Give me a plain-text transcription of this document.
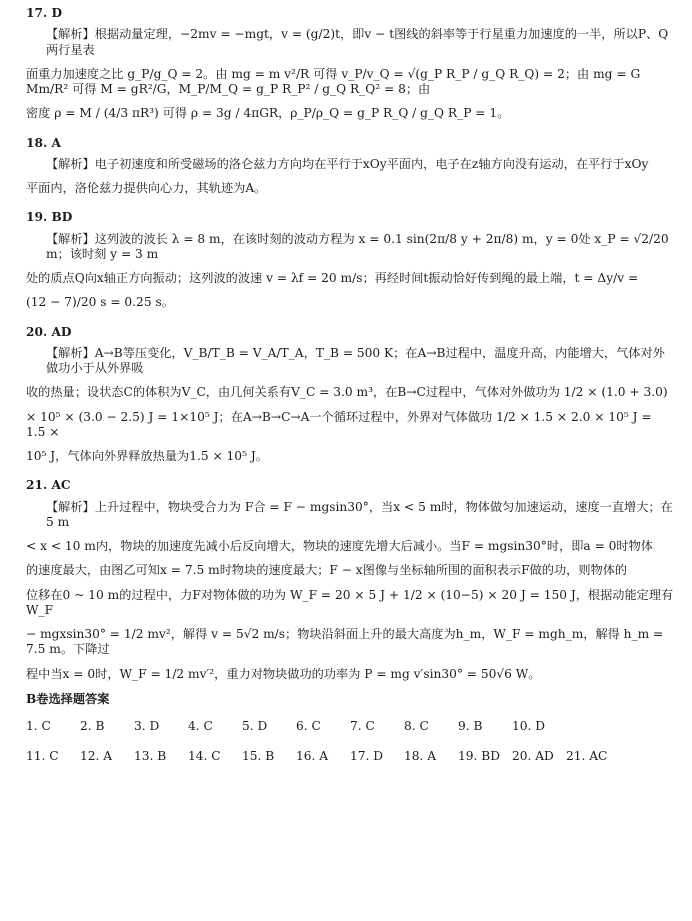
17. D

【解析】根据动量定理，−2mv = −mgt，v = (g/2)t，即v − t图线的斜率等于行星重力加速度的一半，所以P、Q两行星表

面重力加速度之比 g_P/g_Q = 2。由 mg = m v²/R 可得 v_P/v_Q = √(g_P R_P / g_Q R_Q) = 2；由 mg = G Mm/R² 可得 M = gR²/G，M_P/M_Q = g_P R_P² / g_Q R_Q² = 8；由

密度 ρ = M / (4/3 πR³) 可得 ρ = 3g / 4πGR，ρ_P/ρ_Q = g_P R_Q / g_Q R_P = 1。

18. A

【解析】电子初速度和所受磁场的洛仑兹力方向均在平行于xOy平面内，电子在z轴方向没有运动，在平行于xOy

平面内，洛伦兹力提供向心力，其轨迹为A。

19. BD

【解析】这列波的波长 λ = 8 m，在该时刻的波动方程为 x = 0.1 sin(2π/8 y + 2π/8) m，y = 0处 x_P = √2/20 m；该时刻 y = 3 m

处的质点Q向x轴正方向振动；这列波的波速 v = λf = 20 m/s；再经时间t振动恰好传到绳的最上端，t = Δy/v =

(12 − 7)/20 s = 0.25 s。

20. AD

【解析】A→B等压变化，V_B/T_B = V_A/T_A，T_B = 500 K；在A→B过程中，温度升高，内能增大，气体对外做功小于从外界吸

收的热量；设状态C的体积为V_C，由几何关系有V_C = 3.0 m³，在B→C过程中，气体对外做功为 1/2 × (1.0 + 3.0)

× 10⁵ × (3.0 − 2.5) J = 1×10⁵ J；在A→B→C→A一个循环过程中，外界对气体做功 1/2 × 1.5 × 2.0 × 10⁵ J = 1.5 ×

10⁵ J，气体向外界释放热量为1.5 × 10⁵ J。

21. AC

【解析】上升过程中，物块受合力为 F合 = F − mgsin30°，当x < 5 m时，物体做匀加速运动，速度一直增大；在5 m

< x < 10 m内，物块的加速度先减小后反向增大，物块的速度先增大后减小。当F = mgsin30°时，即a = 0时物体

的速度最大，由图乙可知x = 7.5 m时物块的速度最大；F − x图像与坐标轴所围的面积表示F做的功，则物体的

位移在0 ~ 10 m的过程中，力F对物体做的功为 W_F = 20 × 5 J + 1/2 × (10−5) × 20 J = 150 J，根据动能定理有 W_F

− mgxsin30° = 1/2 mv²，解得 v = 5√2 m/s；物块沿斜面上升的最大高度为h_m，W_F = mgh_m，解得 h_m = 7.5 m。下降过

程中当x = 0时，W_F = 1/2 mv′²，重力对物块做功的功率为 P = mg v′sin30° = 50√6 W。

B卷选择题答案

1. C	2. B	3. D	4. C	5. D	6. C	7. C	8. C	9. B	10. D
11. C	12. A	13. B	14. C	15. B	16. A	17. D	18. A	19. BD 20. AD 21. AC
